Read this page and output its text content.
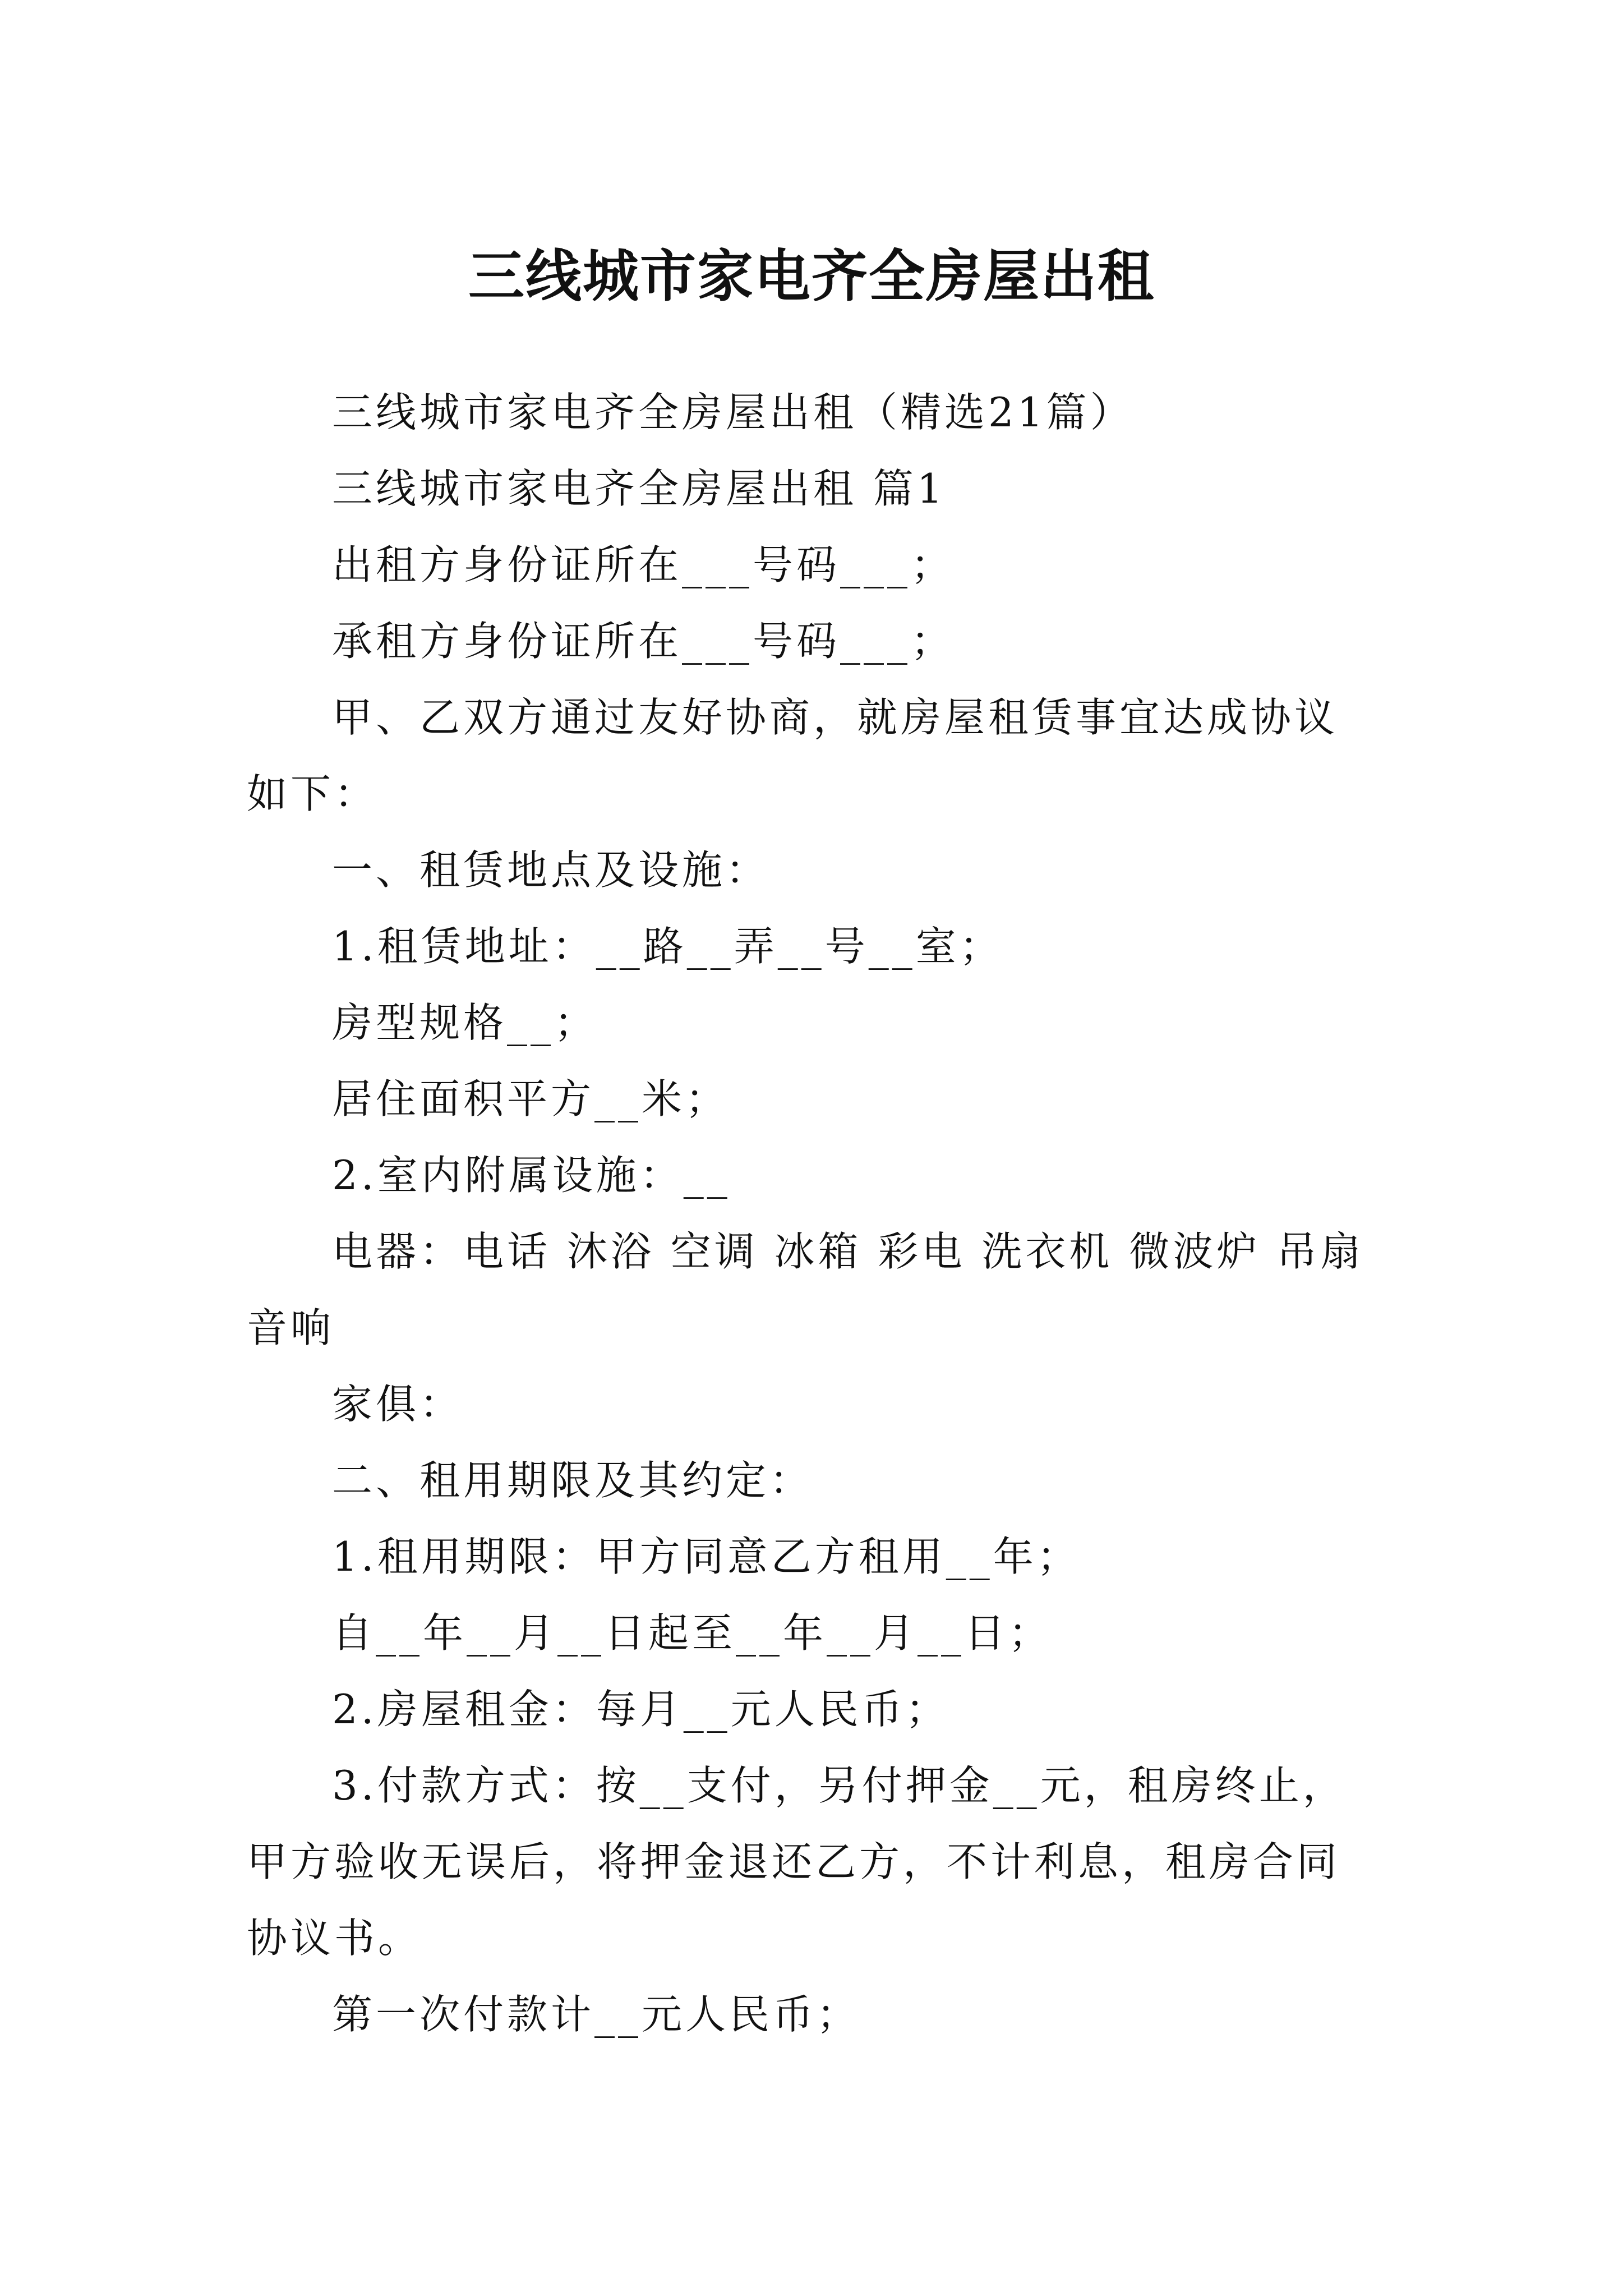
三线城市家电齐全房屋出租

三线城市家电齐全房屋出租（精选21篇）

三线城市家电齐全房屋出租 篇1

出租方身份证所在___号码___；

承租方身份证所在___号码___；

甲、乙双方通过友好协商，就房屋租赁事宜达成协议如下：

一、租赁地点及设施：

1.租赁地址：__路__弄__号__室；

房型规格__；

居住面积平方__米；

2.室内附属设施：__

电器：电话 沐浴 空调 冰箱 彩电 洗衣机 微波炉 吊扇 音响

家俱：

二、租用期限及其约定：

1.租用期限：甲方同意乙方租用__年；

自__年__月__日起至__年__月__日；

2.房屋租金：每月__元人民币；

3.付款方式：按__支付，另付押金__元，租房终止，甲方验收无误后，将押金退还乙方，不计利息，租房合同协议书。

第一次付款计__元人民币；
